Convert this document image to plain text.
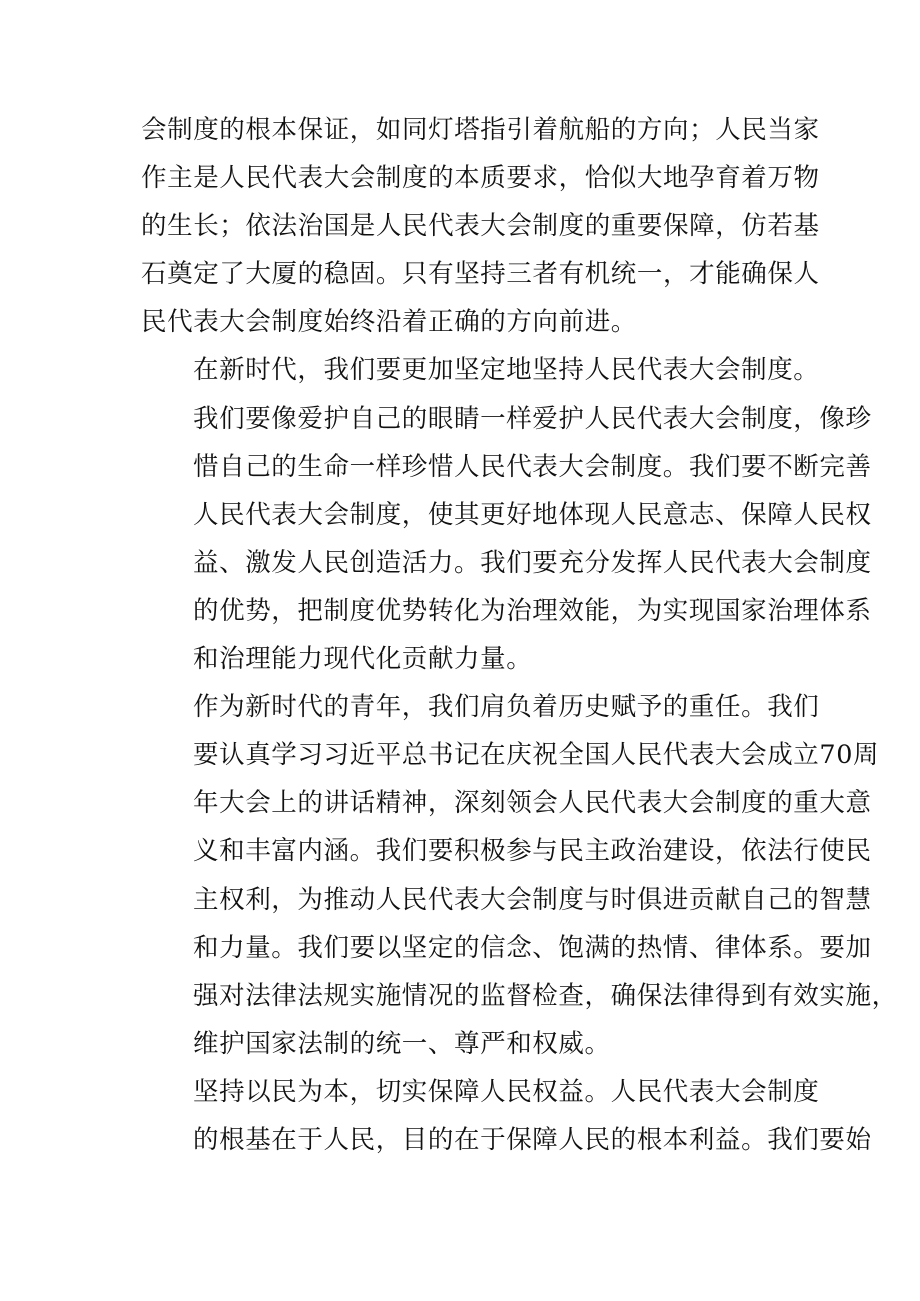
会制度的根本保证，如同灯塔指引着航船的方向；人民当家
作主是人民代表大会制度的本质要求，恰似大地孕育着万物
的生长；依法治国是人民代表大会制度的重要保障，仿若基
石奠定了大厦的稳固。只有坚持三者有机统一，才能确保人
民代表大会制度始终沿着正确的方向前进。

在新时代，我们要更加坚定地坚持人民代表大会制度。
我们要像爱护自己的眼睛一样爱护人民代表大会制度，像珍
惜自己的生命一样珍惜人民代表大会制度。我们要不断完善
人民代表大会制度，使其更好地体现人民意志、保障人民权
益、激发人民创造活力。我们要充分发挥人民代表大会制度
的优势，把制度优势转化为治理效能，为实现国家治理体系
和治理能力现代化贡献力量。

作为新时代的青年，我们肩负着历史赋予的重任。我们
要认真学习习近平总书记在庆祝全国人民代表大会成立70周
年大会上的讲话精神，深刻领会人民代表大会制度的重大意
义和丰富内涵。我们要积极参与民主政治建设，依法行使民
主权利，为推动人民代表大会制度与时俱进贡献自己的智慧
和力量。我们要以坚定的信念、饱满的热情、律体系。要加
强对法律法规实施情况的监督检查，确保法律得到有效实施，
维护国家法制的统一、尊严和权威。

坚持以民为本，切实保障人民权益。人民代表大会制度
的根基在于人民，目的在于保障人民的根本利益。我们要始
